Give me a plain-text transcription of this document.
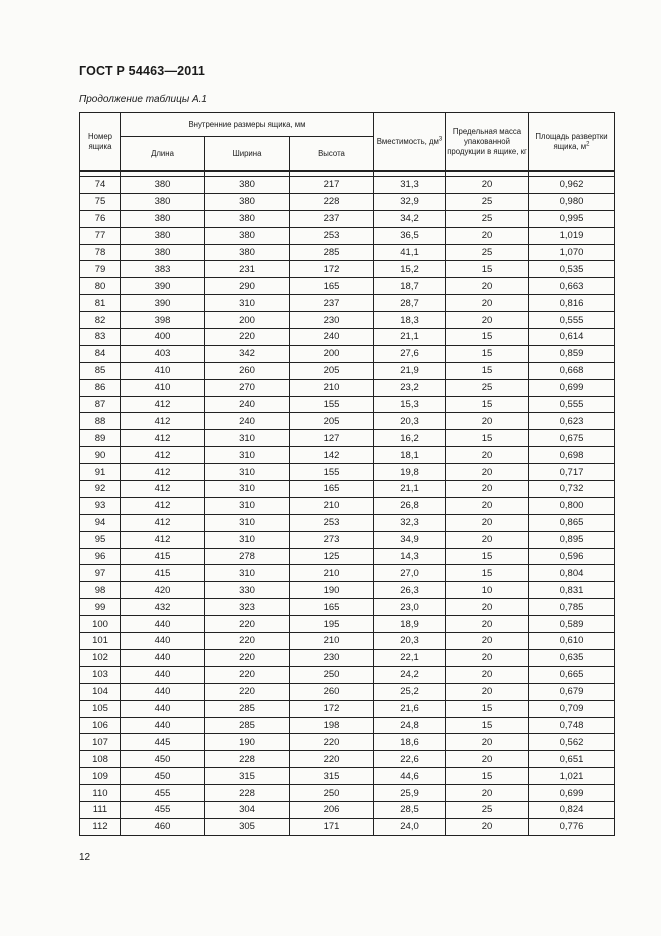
ГОСТ Р 54463—2011
Продолжение таблицы А.1
Номер ящика	Внутренние размеры ящика, мм			Вместимость, $дм^3$	Предельная масса упакованной продукции в ящике, кг	Площадь развертки ящика, $м^2$
	Длина	Ширина	Высота			

74	380	380	217	31,3	20	0,962
75	380	380	228	32,9	25	0,980
76	380	380	237	34,2	25	0,995
77	380	380	253	36,5	20	1,019
78	380	380	285	41,1	25	1,070
79	383	231	172	15,2	15	0,535
80	390	290	165	18,7	20	0,663
81	390	310	237	28,7	20	0,816
82	398	200	230	18,3	20	0,555
83	400	220	240	21,1	15	0,614
84	403	342	200	27,6	15	0,859
85	410	260	205	21,9	15	0,668
86	410	270	210	23,2	25	0,699
87	412	240	155	15,3	15	0,555
88	412	240	205	20,3	20	0,623
89	412	310	127	16,2	15	0,675
90	412	310	142	18,1	20	0,698
91	412	310	155	19,8	20	0,717
92	412	310	165	21,1	20	0,732
93	412	310	210	26,8	20	0,800
94	412	310	253	32,3	20	0,865
95	412	310	273	34,9	20	0,895
96	415	278	125	14,3	15	0,596
97	415	310	210	27,0	15	0,804
98	420	330	190	26,3	10	0,831
99	432	323	165	23,0	20	0,785
100	440	220	195	18,9	20	0,589
101	440	220	210	20,3	20	0,610
102	440	220	230	22,1	20	0,635
103	440	220	250	24,2	20	0,665
104	440	220	260	25,2	20	0,679
105	440	285	172	21,6	15	0,709
106	440	285	198	24,8	15	0,748
107	445	190	220	18,6	20	0,562
108	450	228	220	22,6	20	0,651
109	450	315	315	44,6	15	1,021
110	455	228	250	25,9	20	0,699
111	455	304	206	28,5	25	0,824
112	460	305	171	24,0	20	0,776
12
